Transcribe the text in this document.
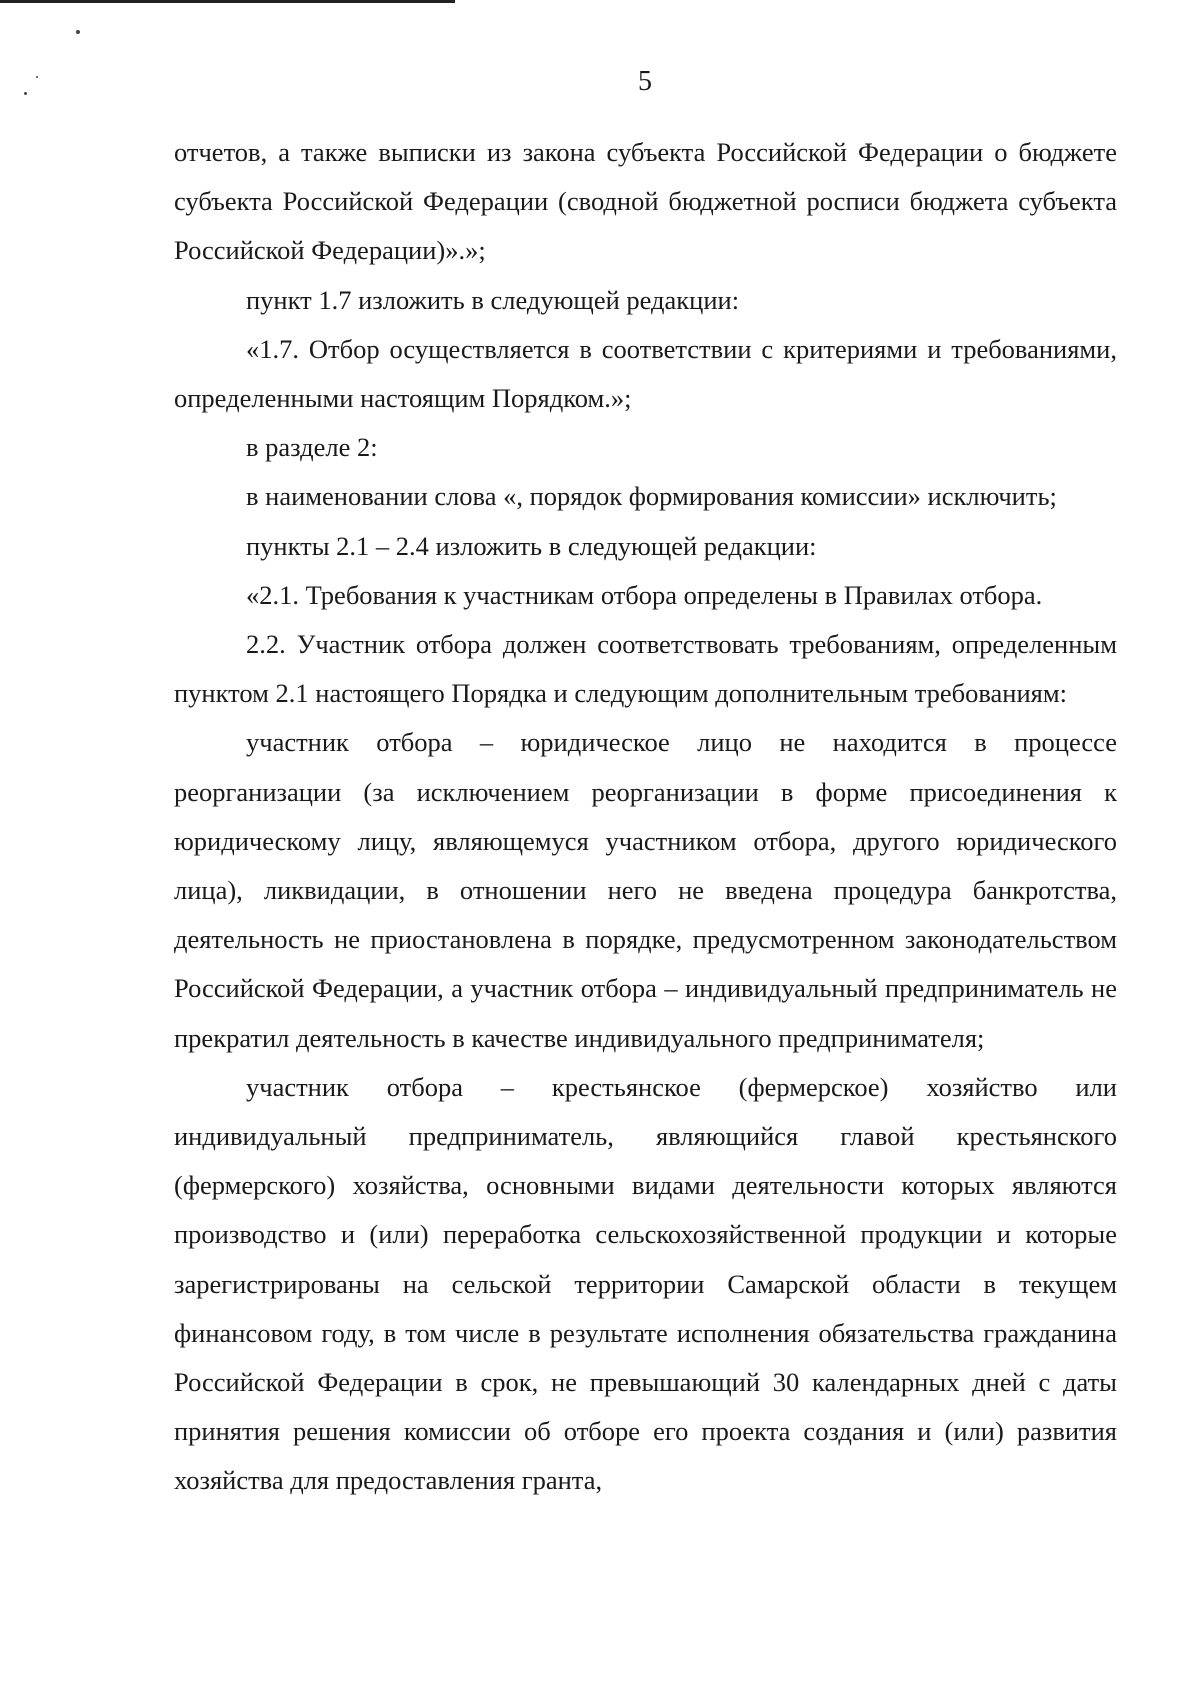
5

отчетов, а также выписки из закона субъекта Российской Федерации о бюджете субъекта Российской Федерации (сводной бюджетной росписи бюджета субъекта Российской Федерации)».»;

пункт 1.7 изложить в следующей редакции:

«1.7. Отбор осуществляется в соответствии с критериями и требованиями, определенными настоящим Порядком.»;

в разделе 2:

в наименовании слова «, порядок формирования комиссии» исключить;

пункты 2.1 – 2.4 изложить в следующей редакции:

«2.1. Требования к участникам отбора определены в Правилах отбора.

2.2. Участник отбора должен соответствовать требованиям, определенным пунктом 2.1 настоящего Порядка и следующим дополнительным требованиям:

участник отбора – юридическое лицо не находится в процессе реорганизации (за исключением реорганизации в форме присоединения к юридическому лицу, являющемуся участником отбора, другого юридического лица), ликвидации, в отношении него не введена процедура банкротства, деятельность не приостановлена в порядке, предусмотренном законодательством Российской Федерации, а участник отбора – индивидуальный предприниматель не прекратил деятельность в качестве индивидуального предпринимателя;

участник отбора – крестьянское (фермерское) хозяйство или индивидуальный предприниматель, являющийся главой крестьянского (фермерского) хозяйства, основными видами деятельности которых являются производство и (или) переработка сельскохозяйственной продукции и которые зарегистрированы на сельской территории Самарской области в текущем финансовом году, в том числе в результате исполнения обязательства гражданина Российской Федерации в срок, не превышающий 30 календарных дней с даты принятия решения комиссии об отборе его проекта создания и (или) развития хозяйства для предоставления гранта,
